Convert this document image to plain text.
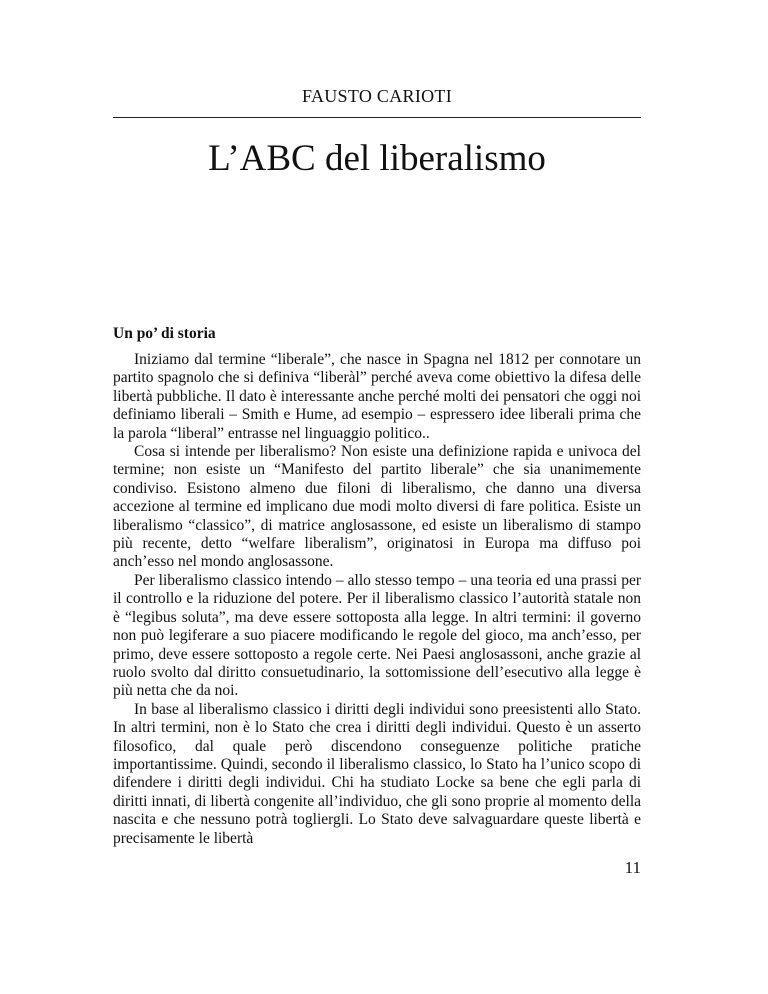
FAUSTO CARIOTI
L’ABC del liberalismo
Un po’ di storia

Iniziamo dal termine “liberale”, che nasce in Spagna nel 1812 per connotare un partito spagnolo che si definiva “liberàl” perché aveva come obiettivo la difesa delle libertà pubbliche. Il dato è interessante anche perché molti dei pensatori che oggi noi definiamo liberali – Smith e Hume, ad esempio – espressero idee liberali prima che la parola “liberal” entrasse nel linguaggio politico..

Cosa si intende per liberalismo? Non esiste una definizione rapida e univoca del termine; non esiste un “Manifesto del partito liberale” che sia unanimemente condiviso. Esistono almeno due filoni di liberalismo, che danno una diversa accezione al termine ed implicano due modi molto diversi di fare politica. Esiste un liberalismo “classico”, di matrice anglosassone, ed esiste un liberalismo di stampo più recente, detto “welfare liberalism”, originatosi in Europa ma diffuso poi anch’esso nel mondo anglosassone.

Per liberalismo classico intendo – allo stesso tempo – una teoria ed una prassi per il controllo e la riduzione del potere. Per il liberalismo classico l’autorità statale non è “legibus soluta”, ma deve essere sottoposta alla legge. In altri termini: il governo non può legiferare a suo piacere modificando le regole del gioco, ma anch’esso, per primo, deve essere sottoposto a regole certe. Nei Paesi anglosassoni, anche grazie al ruolo svolto dal diritto consuetudinario, la sottomissione dell’esecutivo alla legge è più netta che da noi.

In base al liberalismo classico i diritti degli individui sono preesistenti allo Stato. In altri termini, non è lo Stato che crea i diritti degli individui. Questo è un asserto filosofico, dal quale però discendono conseguenze politiche pratiche importantissime. Quindi, secondo il liberalismo classico, lo Stato ha l’unico scopo di difendere i diritti degli individui. Chi ha studiato Locke sa bene che egli parla di diritti innati, di libertà congenite all’individuo, che gli sono proprie al momento della nascita e che nessuno potrà togliergli. Lo Stato deve salvaguardare queste libertà e precisamente le libertà

11
